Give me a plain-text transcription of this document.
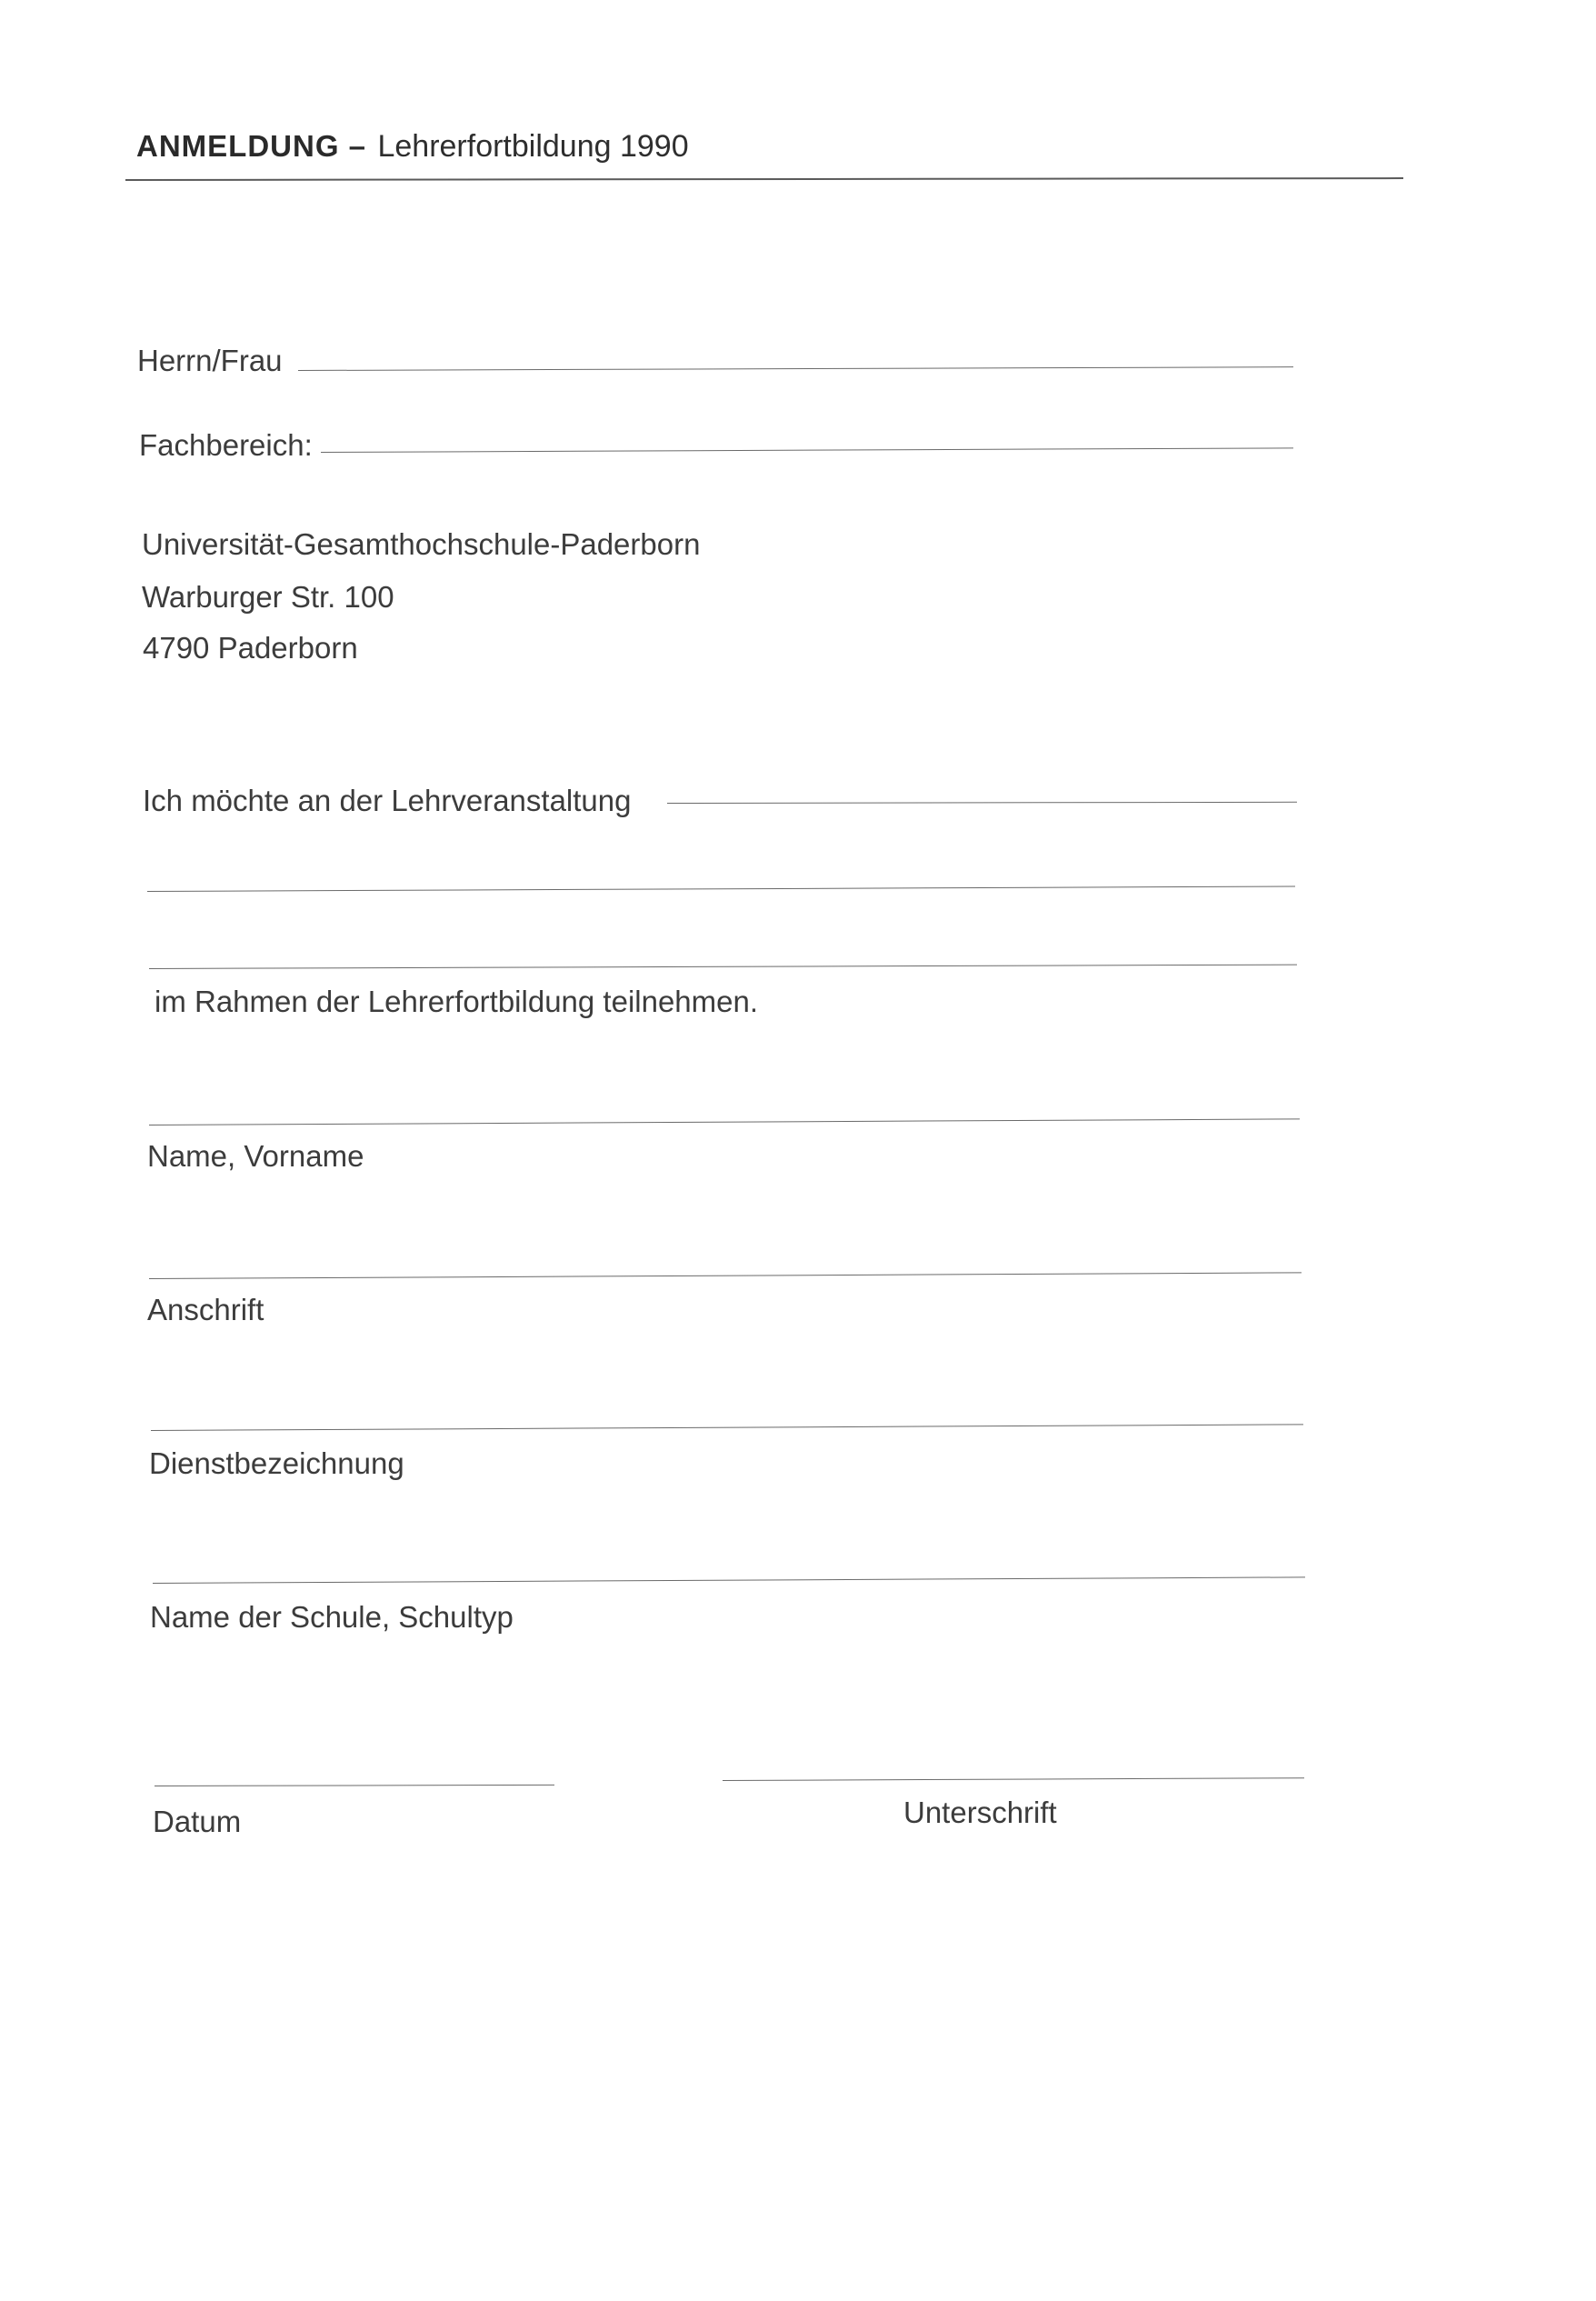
ANMELDUNG – Lehrerfortbildung 1990
Herrn/Frau
Fachbereich:
Universität-Gesamthochschule-Paderborn
Warburger Str. 100
4790 Paderborn
Ich möchte an der Lehrveranstaltung
im Rahmen der Lehrerfortbildung teilnehmen.
Name, Vorname
Anschrift
Dienstbezeichnung
Name der Schule, Schultyp
Datum	Unterschrift
